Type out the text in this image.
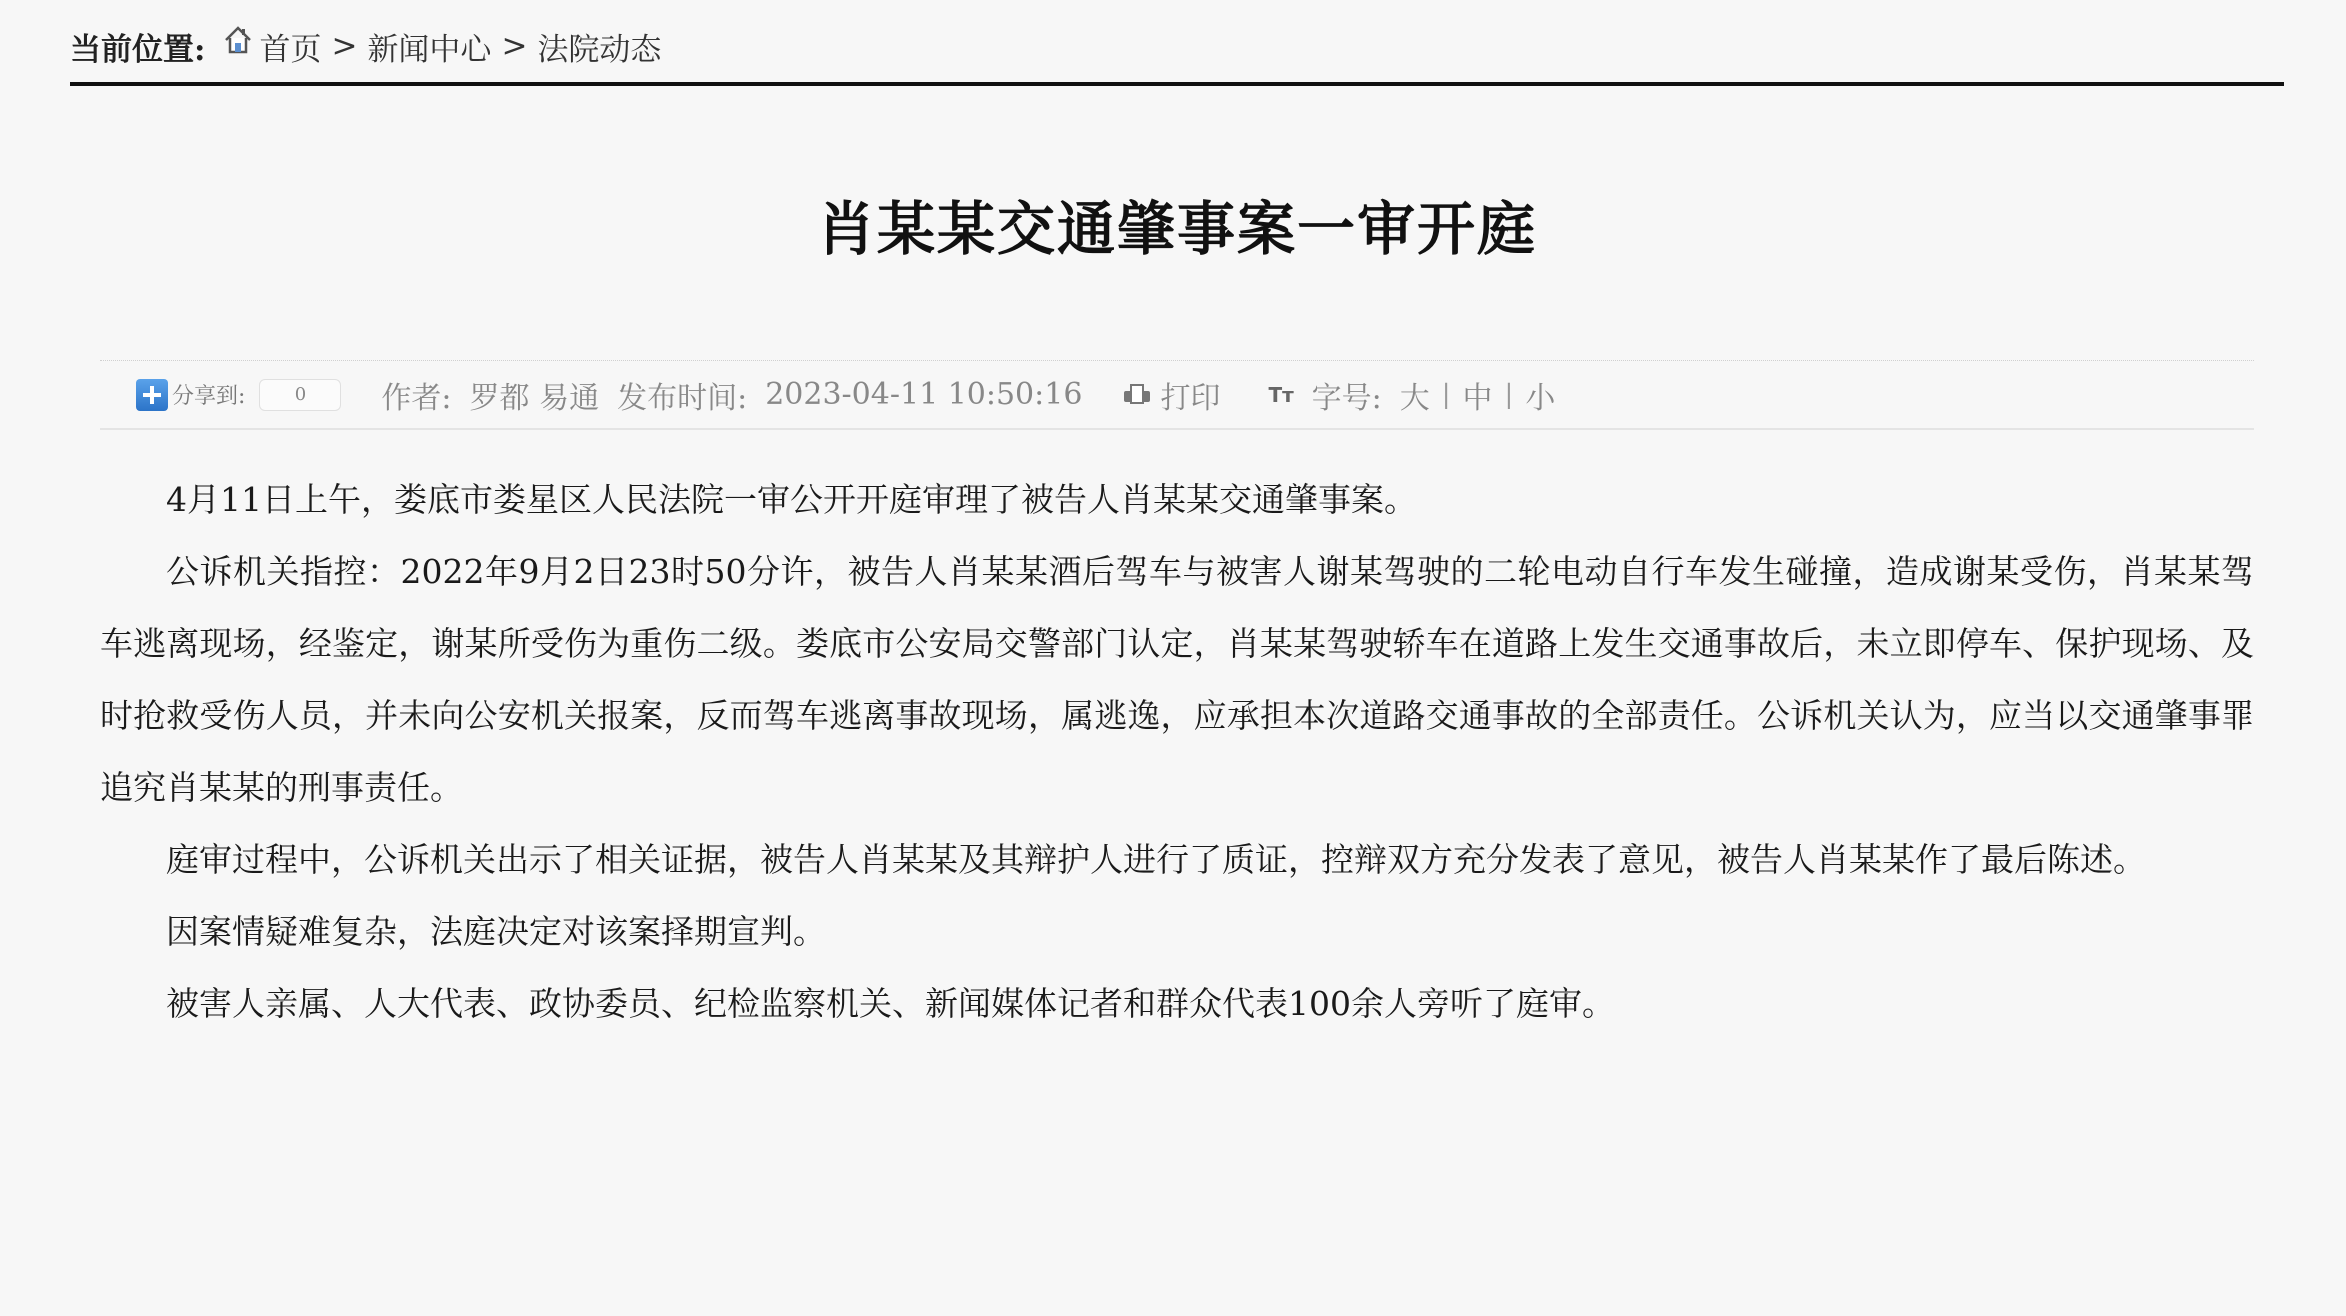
当前位置: 首页 > 新闻中心 > 法院动态
肖某某交通肇事案一审开庭
分享到:	0	作者: 罗都 易通 发布时间: 2023-04-11 10:50:16	打印 Tт 字号: 大 | 中 | 小

4月11日上午，娄底市娄星区人民法院一审公开开庭审理了被告人肖某某交通肇事案。

公诉机关指控：2022年9月2日23时50分许，被告人肖某某酒后驾车与被害人谢某驾驶的二轮电动自行车发生碰撞，造成谢某受伤，肖某某驾车逃离现场，经鉴定，谢某所受伤为重伤二级。娄底市公安局交警部门认定，肖某某驾驶轿车在道路上发生交通事故后，未立即停车、保护现场、及时抢救受伤人员，并未向公安机关报案，反而驾车逃离事故现场，属逃逸，应承担本次道路交通事故的全部责任。公诉机关认为，应当以交通肇事罪追究肖某某的刑事责任。

庭审过程中，公诉机关出示了相关证据，被告人肖某某及其辩护人进行了质证，控辩双方充分发表了意见，被告人肖某某作了最后陈述。

因案情疑难复杂，法庭决定对该案择期宣判。

被害人亲属、人大代表、政协委员、纪检监察机关、新闻媒体记者和群众代表100余人旁听了庭审。
